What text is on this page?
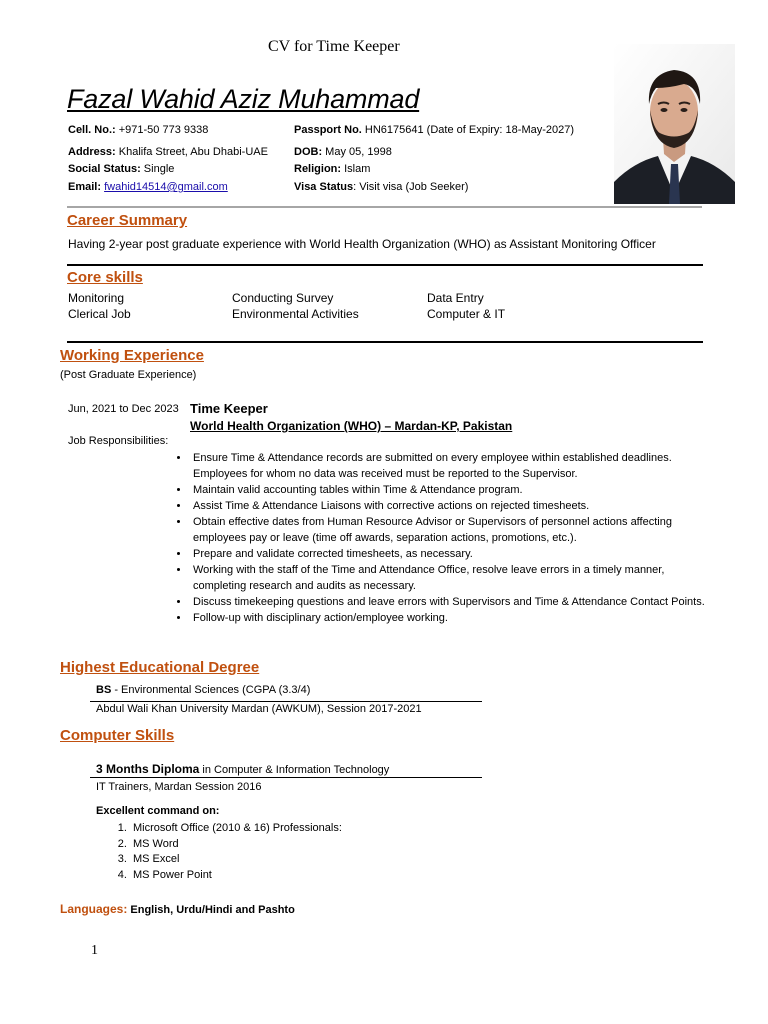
CV for Time Keeper
Fazal Wahid Aziz Muhammad
Cell. No.: +971-50 773 9338
Address: Khalifa Street, Abu Dhabi-UAE
Social Status: Single
Email: fwahid14514@gmail.com
Passport No. HN6175641 (Date of Expiry: 18-May-2027)
DOB: May 05, 1998
Religion: Islam
Visa Status: Visit visa (Job Seeker)
Career Summary
Having 2-year post graduate experience with World Health Organization (WHO) as Assistant Monitoring Officer
Core skills
Monitoring	Conducting Survey	Data Entry
Clerical Job	Environmental Activities	Computer & IT
Working Experience
(Post Graduate Experience)
Jun, 2021 to Dec 2023 Time Keeper
World Health Organization (WHO) – Mardan-KP, Pakistan
Job Responsibilities:
• Ensure Time & Attendance records are submitted on every employee within established deadlines. Employees for whom no data was received must be reported to the Supervisor.
• Maintain valid accounting tables within Time & Attendance program.
• Assist Time & Attendance Liaisons with corrective actions on rejected timesheets.
• Obtain effective dates from Human Resource Advisor or Supervisors of personnel actions affecting employees pay or leave (time off awards, separation actions, promotions, etc.).
• Prepare and validate corrected timesheets, as necessary.
• Working with the staff of the Time and Attendance Office, resolve leave errors in a timely manner, completing research and audits as necessary.
• Discuss timekeeping questions and leave errors with Supervisors and Time & Attendance Contact Points.
• Follow-up with disciplinary action/employee working.
Highest Educational Degree
BS - Environmental Sciences (CGPA (3.3/4)
Abdul Wali Khan University Mardan (AWKUM), Session 2017-2021
Computer Skills
3 Months Diploma in Computer & Information Technology
IT Trainers, Mardan Session 2016
Excellent command on:
1. Microsoft Office (2010 & 16) Professionals:
2. MS Word
3. MS Excel
4. MS Power Point
Languages: English, Urdu/Hindi and Pashto
1
